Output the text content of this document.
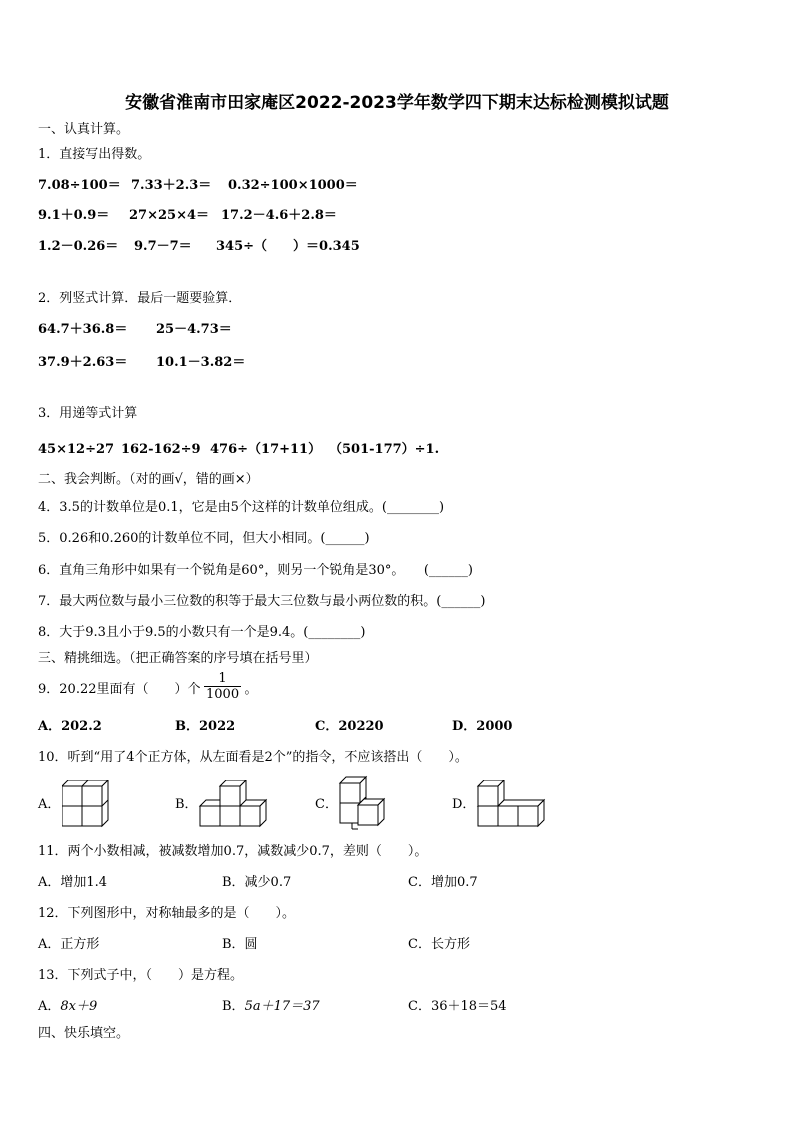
安徽省淮南市田家庵区2022-2023学年数学四下期末达标检测模拟试题
一、认真计算。
1．直接写出得数。
7.08÷100＝ 7.33＋2.3＝ 0.32÷100×1000＝
9.1＋0.9＝ 27×25×4＝ 17.2－4.6＋2.8＝
1.2－0.26＝ 9.7－7＝ 345÷（　　）＝0.345
2．列竖式计算．最后一题要验算．
64.7＋36.8＝ 25－4.73＝
37.9＋2.63＝ 10.1－3.82＝
3．用递等式计算
45×12÷27 162-162÷9 476÷（17+11） （501-177）÷1.
二、我会判断。（对的画√，错的画×）
4．3.5的计数单位是0.1，它是由5个这样的计数单位组成。(________)
5．0.26和0.260的计数单位不同，但大小相同。(______)
6．直角三角形中如果有一个锐角是60°，则另一个锐角是30°。　　(______)
7．最大两位数与最小三位数的积等于最大三位数与最小两位数的积。(______)
8．大于9.3且小于9.5的小数只有一个是9.4。(________)
三、精挑细选。（把正确答案的序号填在括号里）
9．20.22里面有（　　）个	。
$\frac{1}{1000}$
A．202.2	B．2022	C．20220	D．2000
10．听到“用了4个正方体，从左面看是2个”的指令，不应该搭出（　　）。
A．	B．	C．	D．
11．两个小数相减，被减数增加0.7，减数减少0.7，差则（　　）。
A．增加1.4	B．减少0.7	C．增加0.7
12．下列图形中，对称轴最多的是（　　）。
A．正方形	B．圆	C．长方形
13．下列式子中，（　　）是方程。
A．8x＋9	B．5a＋17＝37	C．36＋18＝54
四、快乐填空。
